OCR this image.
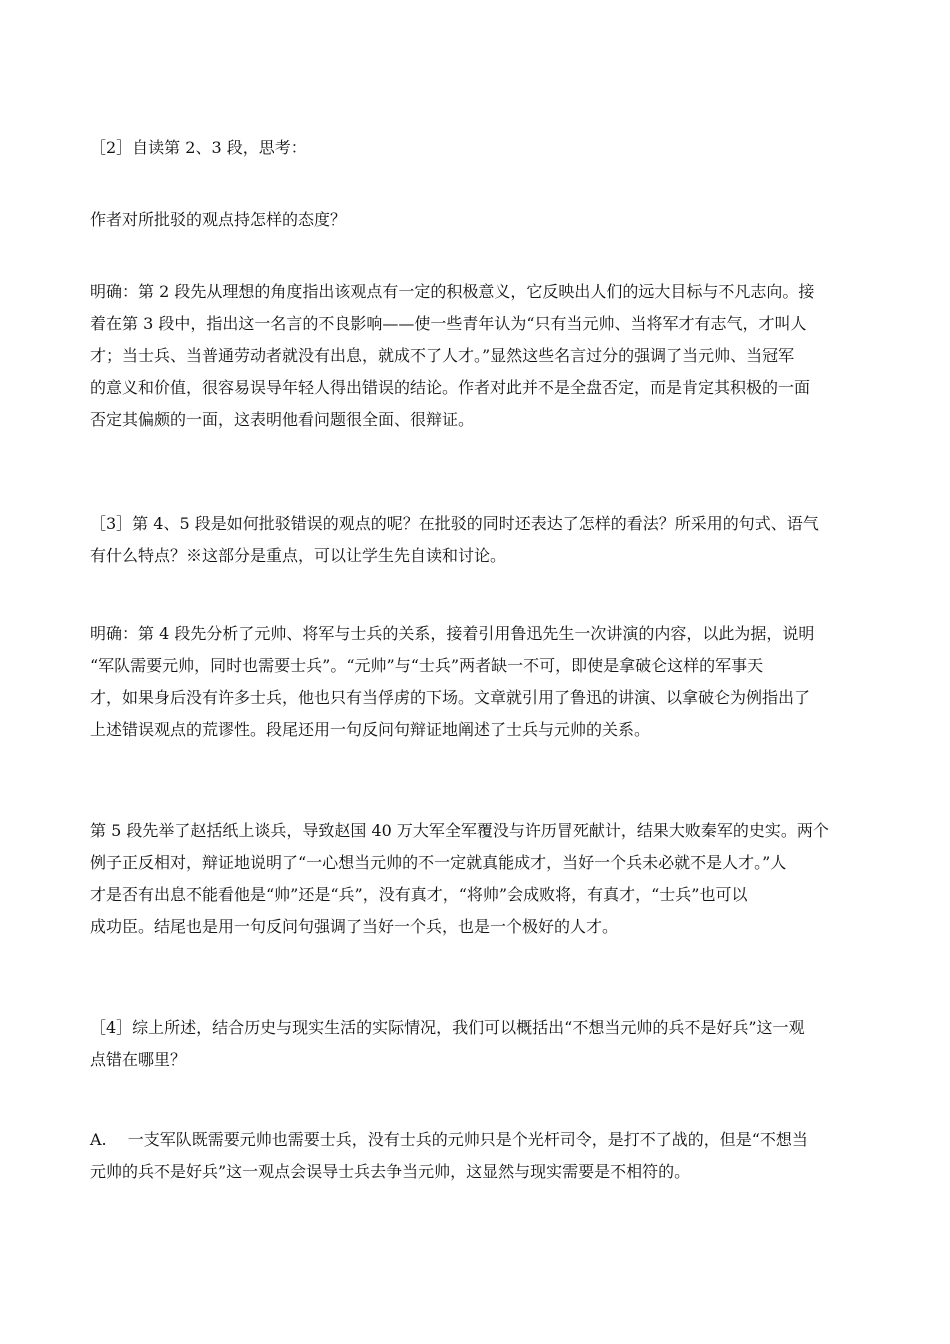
［2］自读第 2、3 段，思考：
作者对所批驳的观点持怎样的态度？
明确：第 2 段先从理想的角度指出该观点有一定的积极意义，它反映出人们的远大目标与不凡志向。接
着在第 3 段中，指出这一名言的不良影响——使一些青年认为“只有当元帅、当将军才有志气，才叫人
才；当士兵、当普通劳动者就没有出息，就成不了人才。”显然这些名言过分的强调了当元帅、当冠军
的意义和价值，很容易误导年轻人得出错误的结论。作者对此并不是全盘否定，而是肯定其积极的一面
否定其偏颇的一面，这表明他看问题很全面、很辩证。
［3］第 4、5 段是如何批驳错误的观点的呢？在批驳的同时还表达了怎样的看法？所采用的句式、语气
有什么特点？※这部分是重点，可以让学生先自读和讨论。
明确：第 4 段先分析了元帅、将军与士兵的关系，接着引用鲁迅先生一次讲演的内容，以此为据，说明
“军队需要元帅，同时也需要士兵”。“元帅”与“士兵”两者缺一不可，即使是拿破仑这样的军事天
才，如果身后没有许多士兵，他也只有当俘虏的下场。文章就引用了鲁迅的讲演、以拿破仑为例指出了
上述错误观点的荒谬性。段尾还用一句反问句辩证地阐述了士兵与元帅的关系。
第 5 段先举了赵括纸上谈兵，导致赵国 40 万大军全军覆没与许历冒死献计，结果大败秦军的史实。两个
例子正反相对，辩证地说明了“一心想当元帅的不一定就真能成才，当好一个兵未必就不是人才。”人
才是否有出息不能看他是“帅”还是“兵”，没有真才，“将帅”会成败将，有真才，“士兵”也可以
成功臣。结尾也是用一句反问句强调了当好一个兵，也是一个极好的人才。
［4］综上所述，结合历史与现实生活的实际情况，我们可以概括出“不想当元帅的兵不是好兵”这一观
点错在哪里？
A.　 一支军队既需要元帅也需要士兵，没有士兵的元帅只是个光杆司令，是打不了战的，但是“不想当
元帅的兵不是好兵”这一观点会误导士兵去争当元帅，这显然与现实需要是不相符的。
